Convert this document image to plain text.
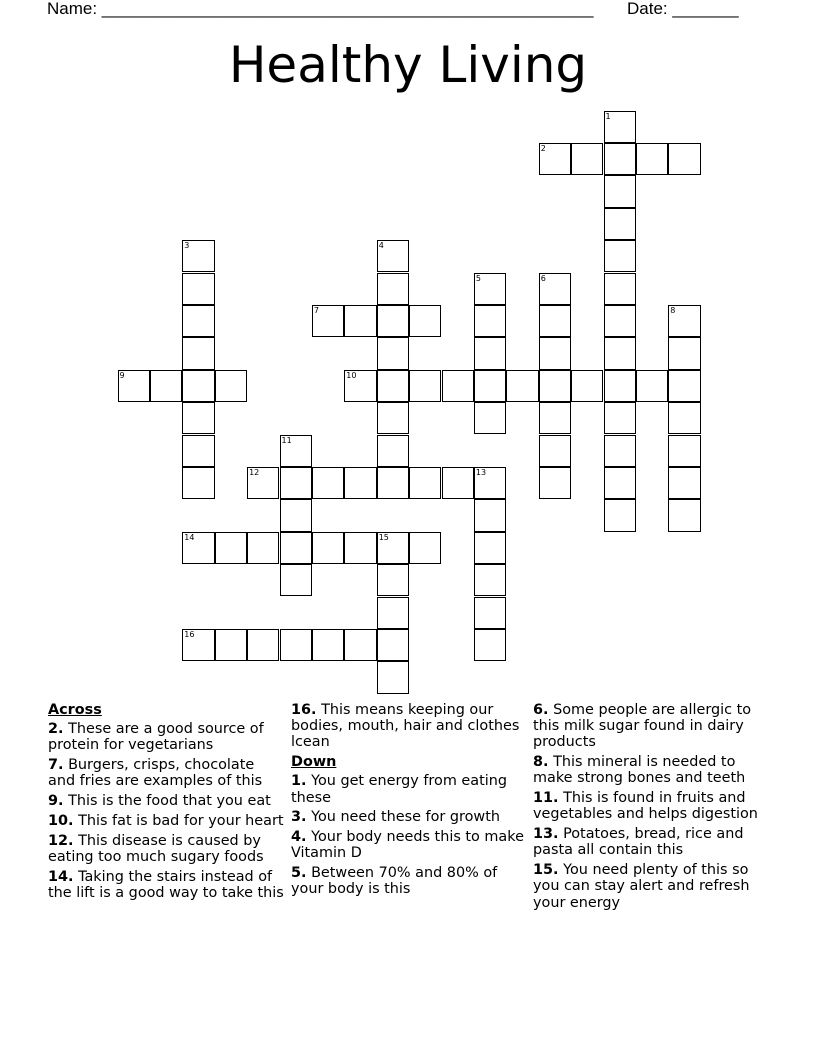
Name: ____________________________________________________ Date: _______
Healthy Living
1
2
3	4
5	6
7	8
9	10
11
12	13
14	15
16
Across
2. These are a good source of protein for vegetarians
7. Burgers, crisps, chocolate and fries are examples of this
9. This is the food that you eat
10. This fat is bad for your heart
12. This disease is caused by eating too much sugary foods
14. Taking the stairs instead of the lift is a good way to take this
16. This means keeping our bodies, mouth, hair and clothes lcean
Down
1. You get energy from eating these
3. You need these for growth
4. Your body needs this to make Vitamin D
5. Between 70% and 80% of your body is this
6. Some people are allergic to this milk sugar found in dairy products
8. This mineral is needed to make strong bones and teeth
11. This is found in fruits and vegetables and helps digestion
13. Potatoes, bread, rice and pasta all contain this
15. You need plenty of this so you can stay alert and refresh your energy
